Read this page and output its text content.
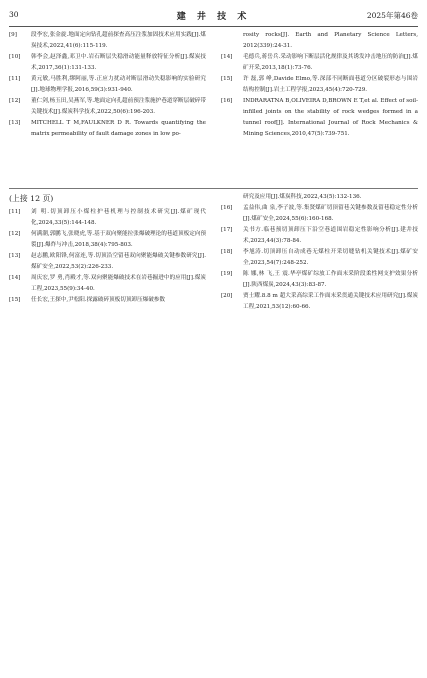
30	建 井 技 术	2025年第46卷
[9]	段李宏,张金旋.地面定向钻孔超前探查高压注浆加固技术应用实践[J].煤炭技术,2022,41(6):115-119.
[10]	韩李会,赵泽鑫,邓卫中.岩石断层失稳滑动能量释放特征分析[J].煤炭技术,2017,36(1):131-133.
[11]	黄元敏,马胜利,缪阿丽,等.正应力扰动对断层滑动失稳影响的实验研究[J].地球物理学报,2016,59(3):931-940.
[12]	董仁剑,杨玉田,吴燕军,等.地面定向孔超前预注浆施护巷道穿断层破碎带关键技术[J].煤炭科学技术,2022,50(6):196-203.
[13]	MITCHELL T M,FAULKNER D R. Towards quantifying the matrix permeability of fault damage zones in low po-
rosity rocks[J]. Earth and Planetary Science Letters, 2012(339):24-31.
[14]	毛德兵,蒋岳兵.采动影响下断层活化规律及其诱发冲击地压的防治[J].煤矿开采,2013,18(1):73-76.
[15]	许 磊,郭 峥,Davide Elmo,等.深部不同断面巷道分区破裂形态与围岩结构控制[J].岩土工程学报,2023,45(4):720-729.
[16]	INDRARATNA B,OLIVEIRA D,BROWN E T,et al. Effect of soil-infilled joints on the stability of rock wedges formed in a tunnel roof[J]. International Journal of Rock Mechanics & Mining Sciences,2010,47(5):739-751.
(上接 12 页)
[11]	刘 明.切顶卸压小煤柱护巷机理与控制技术研究[J].煤矿现代化,2024,33(5):144-148.
[12]	何满潮,郭鹏飞,张晓虎,等.基于双向聚能拉张爆破理论的巷道顶板定向预裂[J].爆炸与冲击,2018,38(4):795-803.
[13]	赵志鹏,欧阳锋,何富连,等.切顶沿空留巷双向聚能爆破关键参数研究[J].煤矿安全,2022,53(2):226-233.
[14]	周庆宏,罗 勇,肖殿才,等.双向聚能爆破技术在岩巷掘进中的应用[J].煤炭工程,2023,55(9):34-40.
[15]	任长宏,王探中,尹松阳.探露破碎顶板切顶卸压爆破参数
研究及应用[J].煤炭科技,2022,43(5):132-136.
[16]	孟益伟,曲 泉,李子波,等.集贤煤矿切顶留巷关键参数及留巷稳定性分析[J].煤矿安全,2024,55(6):160-168.
[17]	关书方.临巷预切顶卸压下沿空巷道围岩稳定性影响分析[J].建井技术,2023,44(3):78-84.
[18]	李旭涛.切顶卸压自动成巷无煤柱开采切缝钻机关键技术[J].煤矿安全,2023,54(7):248-252.
[19]	陈 娜,林 飞,王 震.华亭煤矿综放工作面末采阶段柔性网支护效果分析[J].陕西煤炭,2024,43(3):83-87.
[20]	贾士耀.8.8 m 超大采高综采工作面末采贯通关键技术应用研究[J].煤炭工程,2021,53(12):60-66.
